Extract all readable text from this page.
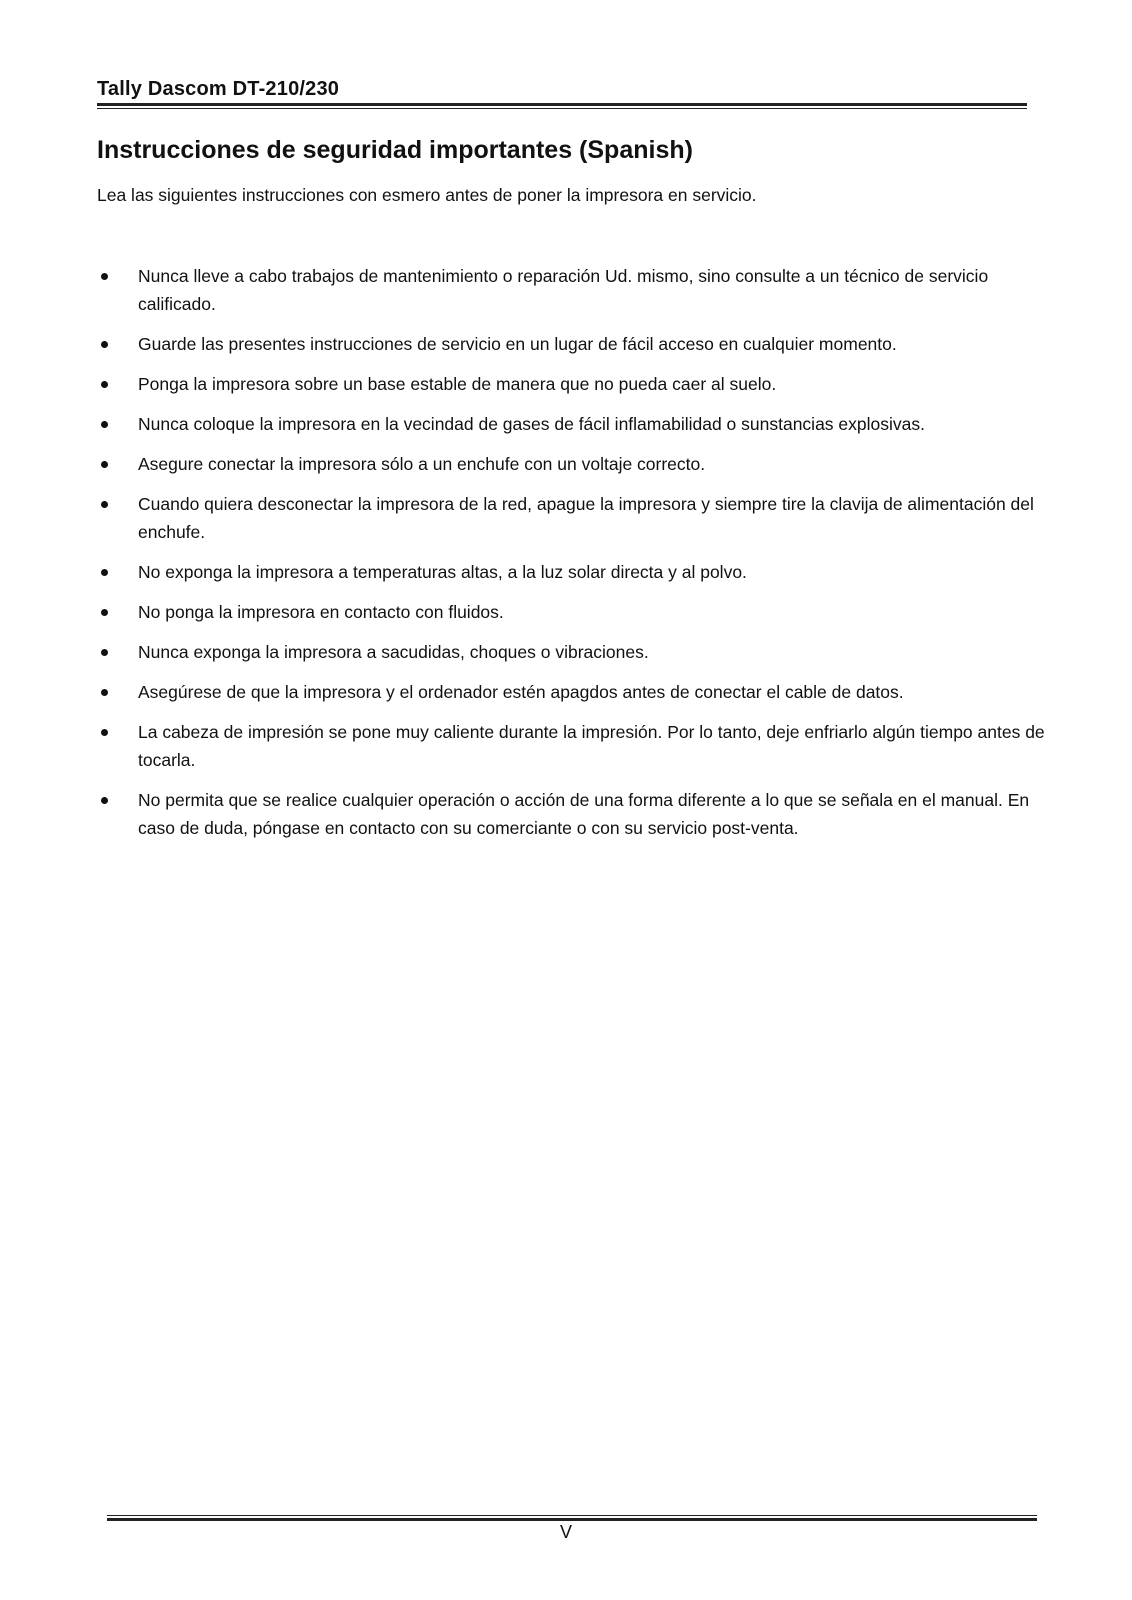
Tally Dascom DT-210/230
Instrucciones de seguridad importantes (Spanish)

Lea las siguientes instrucciones con esmero antes de poner la impresora en servicio.

Nunca lleve a cabo trabajos de mantenimiento o reparación Ud. mismo, sino consulte a un técnico de servicio calificado.
Guarde las presentes instrucciones de servicio en un lugar de fácil acceso en cualquier momento.
Ponga la impresora sobre un base estable de manera que no pueda caer al suelo.
Nunca coloque la impresora en la vecindad de gases de fácil inflamabilidad o sunstancias explosivas.
Asegure conectar la impresora sólo a un enchufe con un voltaje correcto.
Cuando quiera desconectar la impresora de la red, apague la impresora y siempre tire la clavija de alimentación del enchufe.
No exponga la impresora a temperaturas altas, a la luz solar directa y al polvo.
No ponga la impresora en contacto con fluidos.
Nunca exponga la impresora a sacudidas, choques o vibraciones.
Asegúrese de que la impresora y el ordenador estén apagdos antes de conectar el cable de datos.
La cabeza de impresión se pone muy caliente durante la impresión. Por lo tanto, deje enfriarlo algún tiempo antes de tocarla.
No permita que se realice cualquier operación o acción de una forma diferente a lo que se señala en el manual. En caso de duda, póngase en contacto con su comerciante o con su servicio post-venta.
V
